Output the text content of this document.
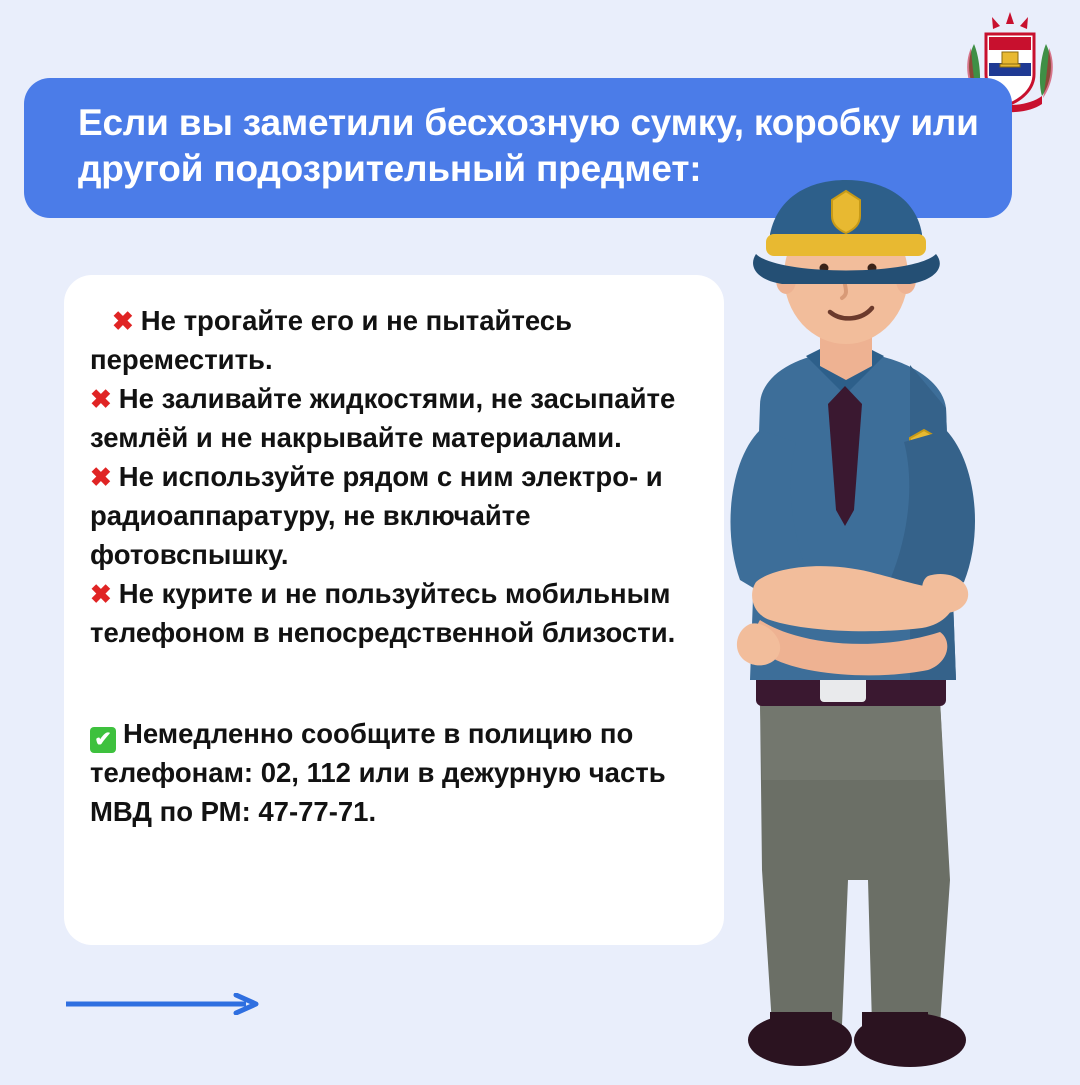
Если вы заметили бесхозную сумку, коробку или другой подозрительный предмет:

✖ Не трогайте его и не пытайтесь переместить.

✖ Не заливайте жидкостями, не засыпайте землёй и не накрывайте материалами.

✖ Не используйте рядом с ним электро- и радиоаппаратуру, не включайте фотовспышку.

✖ Не курите и не пользуйтесь мобильным телефоном в непосредственной близости.

✔ Немедленно сообщите в полицию по телефонам: 02, 112 или в дежурную часть МВД по РМ: 47-77-71.
